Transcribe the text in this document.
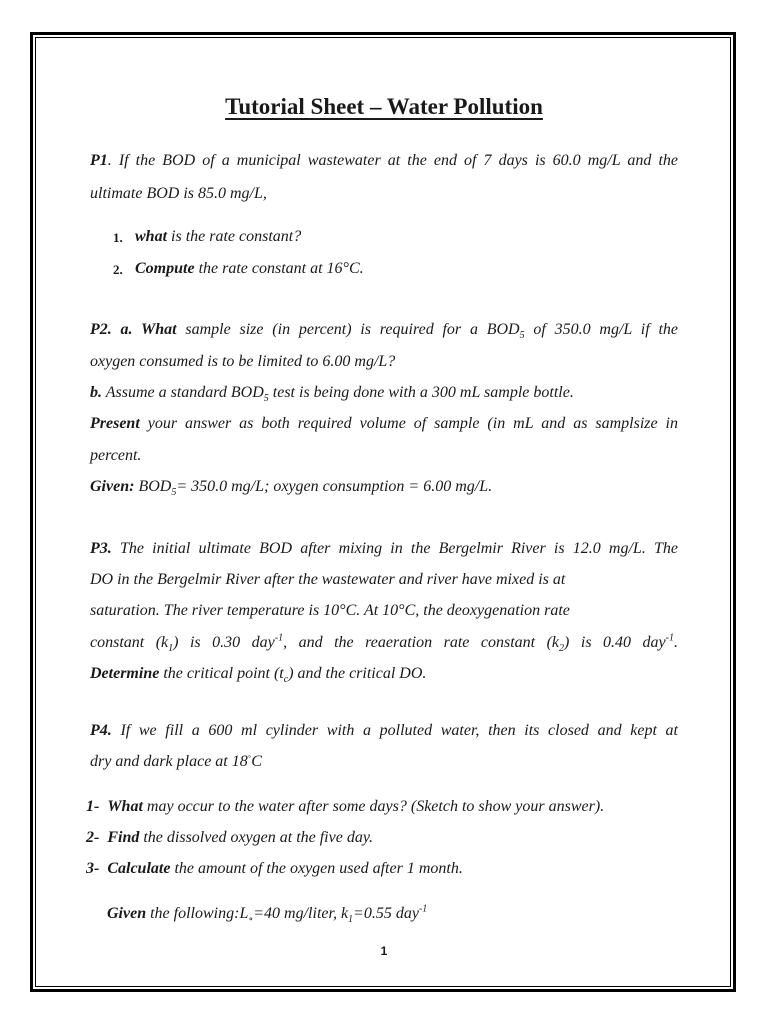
Tutorial Sheet – Water Pollution
P1. If the BOD of a municipal wastewater at the end of 7 days is 60.0 mg/L and the
ultimate BOD is 85.0 mg/L,
1. what is the rate constant?
2. Compute the rate constant at 16°C.
P2. a. What sample size (in percent) is required for a $BOD_5$ of 350.0 mg/L if the
oxygen consumed is to be limited to 6.00 mg/L?
b. Assume a standard $BOD_5$ test is being done with a 300 mL sample bottle.
Present your answer as both required volume of sample (in mL and as samplsize in
percent.
Given: $BOD_5= 350.0$ mg/L; oxygen consumption = 6.00 mg/L.
P3. The initial ultimate BOD after mixing in the Bergelmir River is 12.0 mg/L. The
DO in the Bergelmir River after the wastewater and river have mixed is at
saturation. The river temperature is 10°C. At 10°C, the deoxygenation rate
constant $(k_1)$ is 0.30 day$^{-1}$, and the reaeration rate constant $(k_2)$ is 0.40 day$^{-1}$.
Determine the critical point $(t_c)$ and the critical DO.
P4. If we fill a 600 ml cylinder with a polluted water, then its closed and kept at
dry and dark place at 18◦C
1- What may occur to the water after some days? (Sketch to show your answer).
2- Find the dissolved oxygen at the five day.
3- Calculate the amount of the oxygen used after 1 month.
Given the $following:L_\circ=40$ mg/liter, $k_1=0.55$ day$^{-1}$
1
